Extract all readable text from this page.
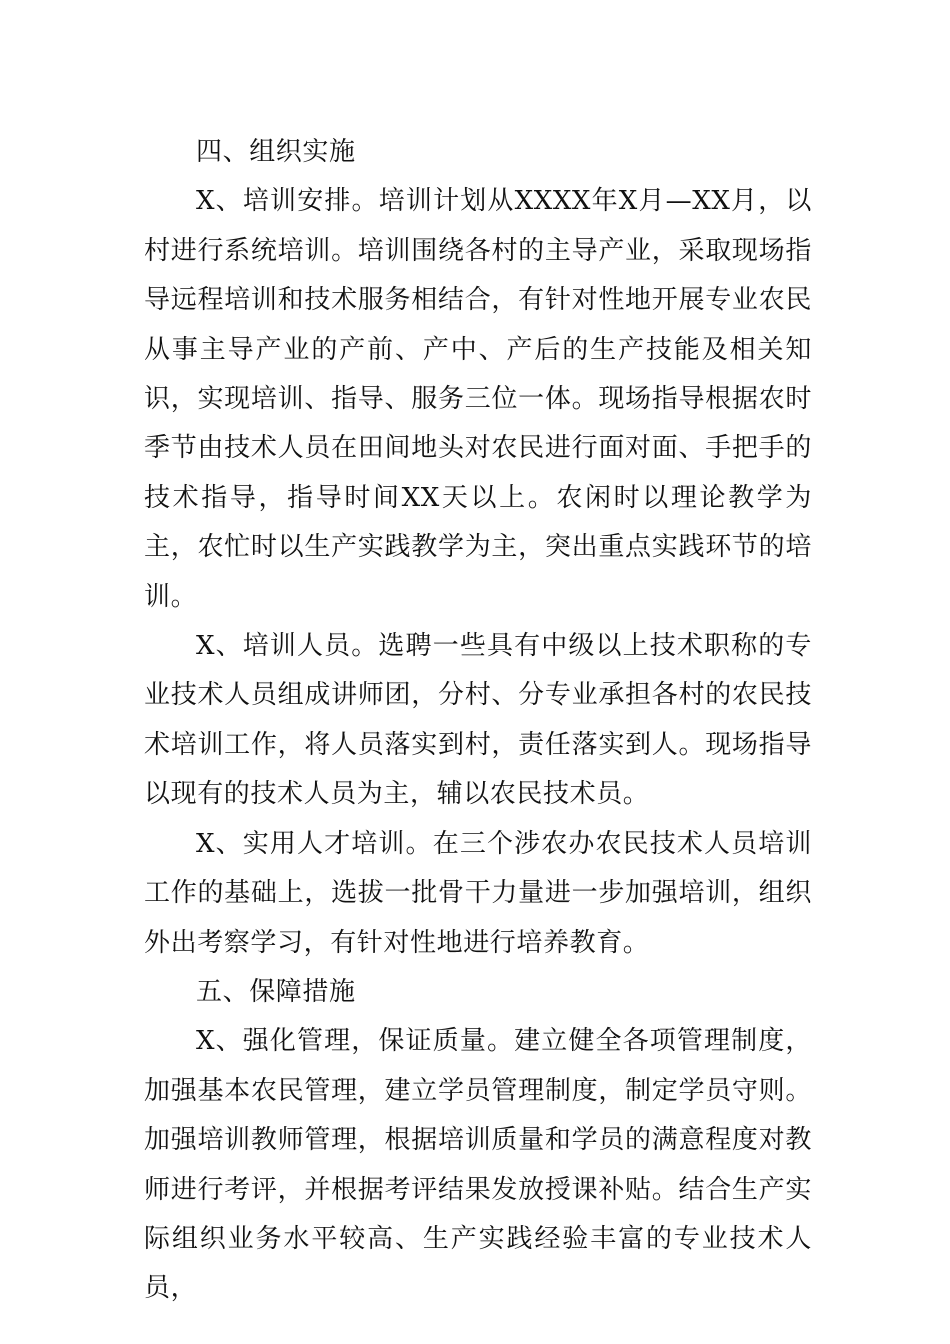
四、组织实施

X、培训安排。培训计划从XXXX年X月—XX月，以村进行系统培训。培训围绕各村的主导产业，采取现场指导远程培训和技术服务相结合，有针对性地开展专业农民从事主导产业的产前、产中、产后的生产技能及相关知识，实现培训、指导、服务三位一体。现场指导根据农时季节由技术人员在田间地头对农民进行面对面、手把手的技术指导，指导时间XX天以上。农闲时以理论教学为主，农忙时以生产实践教学为主，突出重点实践环节的培训。

X、培训人员。选聘一些具有中级以上技术职称的专业技术人员组成讲师团，分村、分专业承担各村的农民技术培训工作，将人员落实到村，责任落实到人。现场指导以现有的技术人员为主，辅以农民技术员。

X、实用人才培训。在三个涉农办农民技术人员培训工作的基础上，选拔一批骨干力量进一步加强培训，组织外出考察学习，有针对性地进行培养教育。

五、保障措施

X、强化管理，保证质量。建立健全各项管理制度，加强基本农民管理，建立学员管理制度，制定学员守则。加强培训教师管理，根据培训质量和学员的满意程度对教师进行考评，并根据考评结果发放授课补贴。结合生产实际组织业务水平较高、生产实践经验丰富的专业技术人员，
